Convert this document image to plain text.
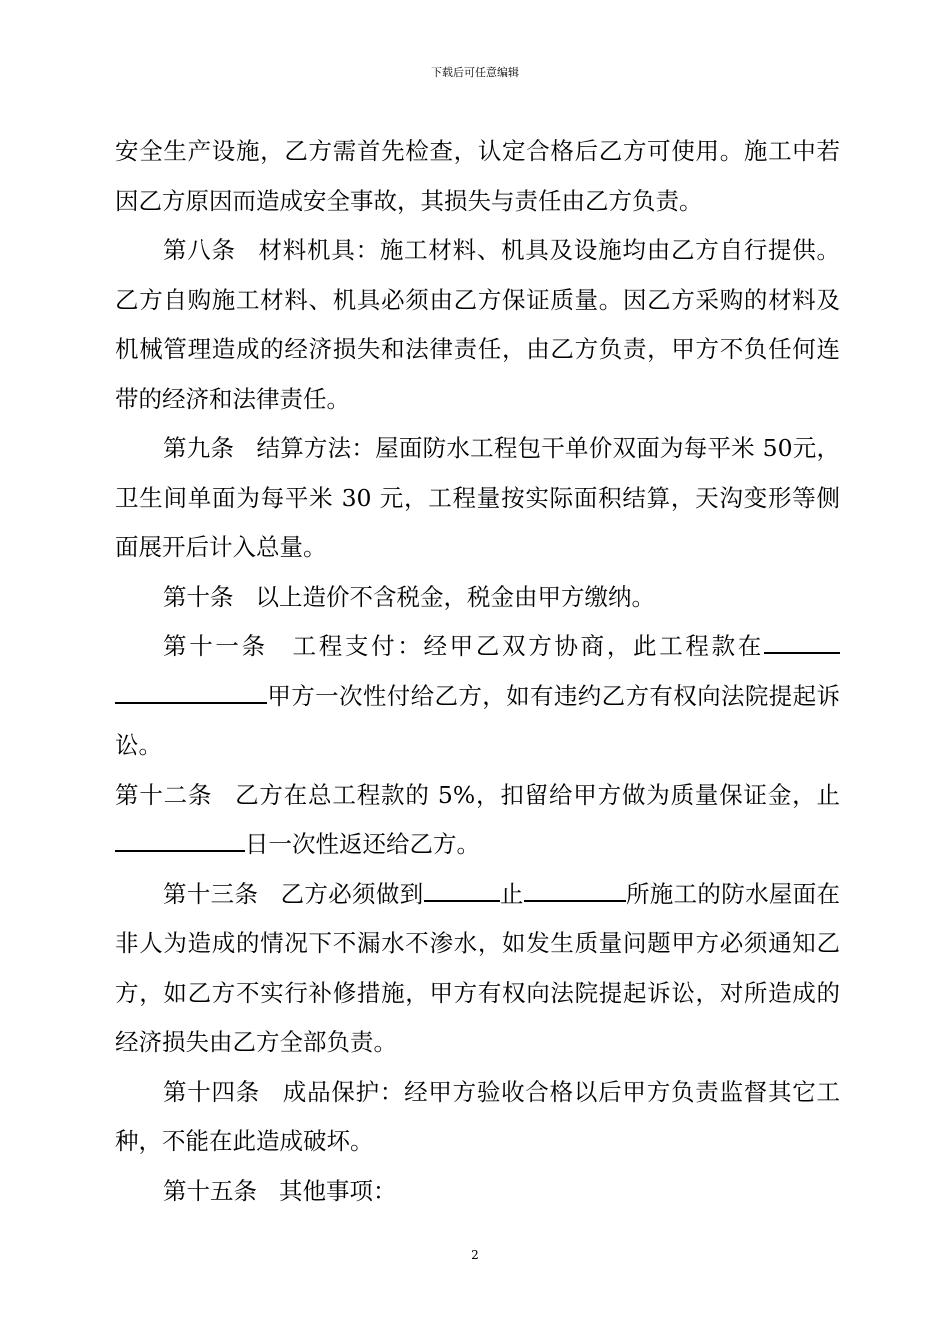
下载后可任意编辑

安全生产设施，乙方需首先检查，认定合格后乙方可使用。施工中若因乙方原因而造成安全事故，其损失与责任由乙方负责。

第八条 材料机具：施工材料、机具及设施均由乙方自行提供。乙方自购施工材料、机具必须由乙方保证质量。因乙方采购的材料及机械管理造成的经济损失和法律责任，由乙方负责，甲方不负任何连带的经济和法律责任。

第九条 结算方法：屋面防水工程包干单价双面为每平米 50元，卫生间单面为每平米 30 元，工程量按实际面积结算，天沟变形等侧面展开后计入总量。

第十条 以上造价不含税金，税金由甲方缴纳。

第十一条 工程支付：经甲乙双方协商，此工程款在甲方一次性付给乙方，如有违约乙方有权向法院提起诉讼。

第十二条 乙方在总工程款的 5%，扣留给甲方做为质量保证金，止日一次性返还给乙方。

第十三条 乙方必须做到	止	所施工的防水屋面在非人为造成的情况下不漏水不渗水，如发生质量问题甲方必须通知乙方，如乙方不实行补修措施，甲方有权向法院提起诉讼，对所造成的经济损失由乙方全部负责。

第十四条 成品保护：经甲方验收合格以后甲方负责监督其它工种，不能在此造成破坏。

第十五条 其他事项：

2
